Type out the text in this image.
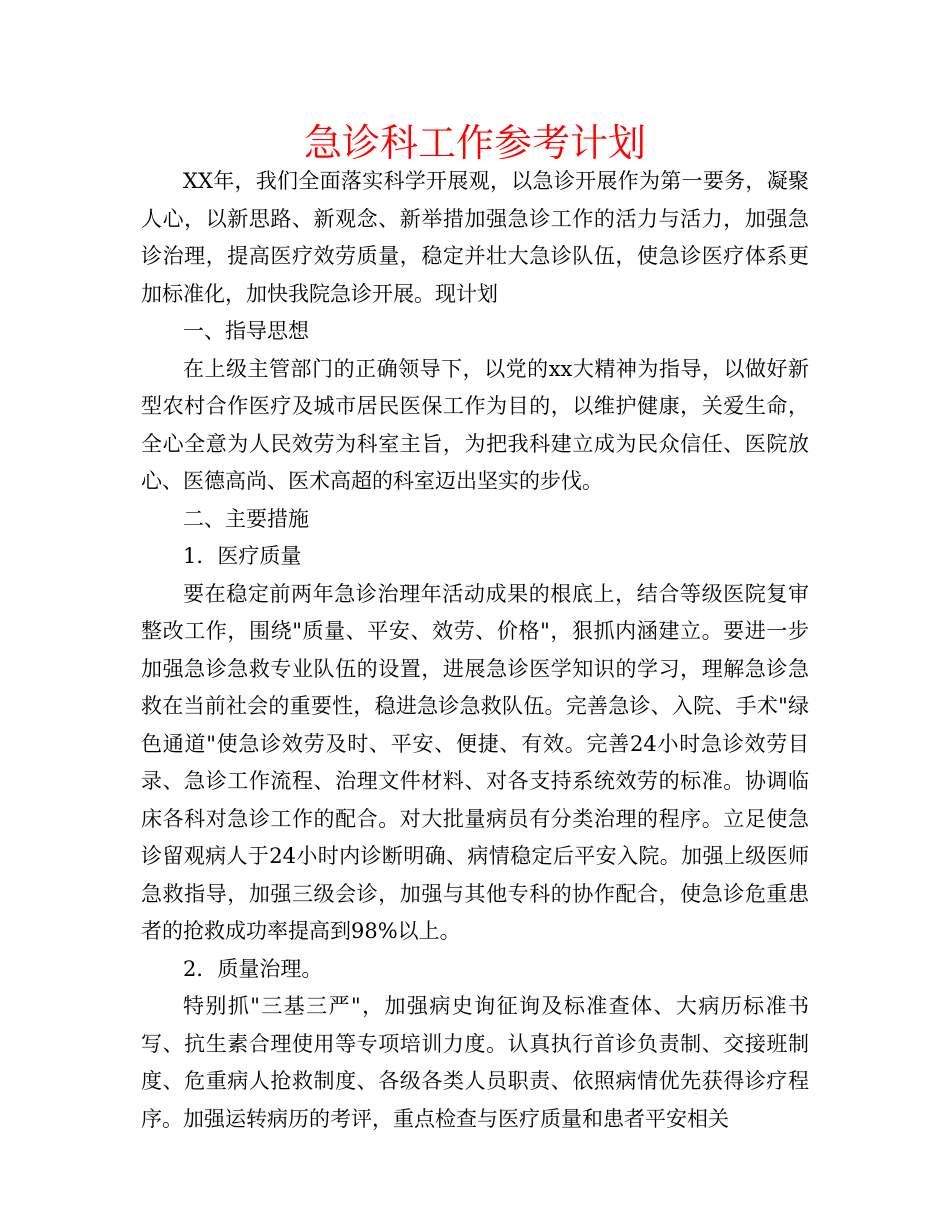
急诊科工作参考计划

XX年，我们全面落实科学开展观，以急诊开展作为第一要务，凝聚人心，以新思路、新观念、新举措加强急诊工作的活力与活力，加强急诊治理，提高医疗效劳质量，稳定并壮大急诊队伍，使急诊医疗体系更加标准化，加快我院急诊开展。现计划

一、指导思想

在上级主管部门的正确领导下，以党的xx大精神为指导，以做好新型农村合作医疗及城市居民医保工作为目的，以维护健康，关爱生命，全心全意为人民效劳为科室主旨，为把我科建立成为民众信任、医院放心、医德高尚、医术高超的科室迈出坚实的步伐。

二、主要措施

1．医疗质量

要在稳定前两年急诊治理年活动成果的根底上，结合等级医院复审整改工作，围绕"质量、平安、效劳、价格"，狠抓内涵建立。要进一步加强急诊急救专业队伍的设置，进展急诊医学知识的学习，理解急诊急救在当前社会的重要性，稳进急诊急救队伍。完善急诊、入院、手术"绿色通道"使急诊效劳及时、平安、便捷、有效。完善24小时急诊效劳目录、急诊工作流程、治理文件材料、对各支持系统效劳的标准。协调临床各科对急诊工作的配合。对大批量病员有分类治理的程序。立足使急诊留观病人于24小时内诊断明确、病情稳定后平安入院。加强上级医师急救指导，加强三级会诊，加强与其他专科的协作配合，使急诊危重患者的抢救成功率提高到98%以上。

2．质量治理。

特别抓"三基三严"，加强病史询征询及标准查体、大病历标准书写、抗生素合理使用等专项培训力度。认真执行首诊负责制、交接班制度、危重病人抢救制度、各级各类人员职责、依照病情优先获得诊疗程序。加强运转病历的考评，重点检查与医疗质量和患者平安相关
